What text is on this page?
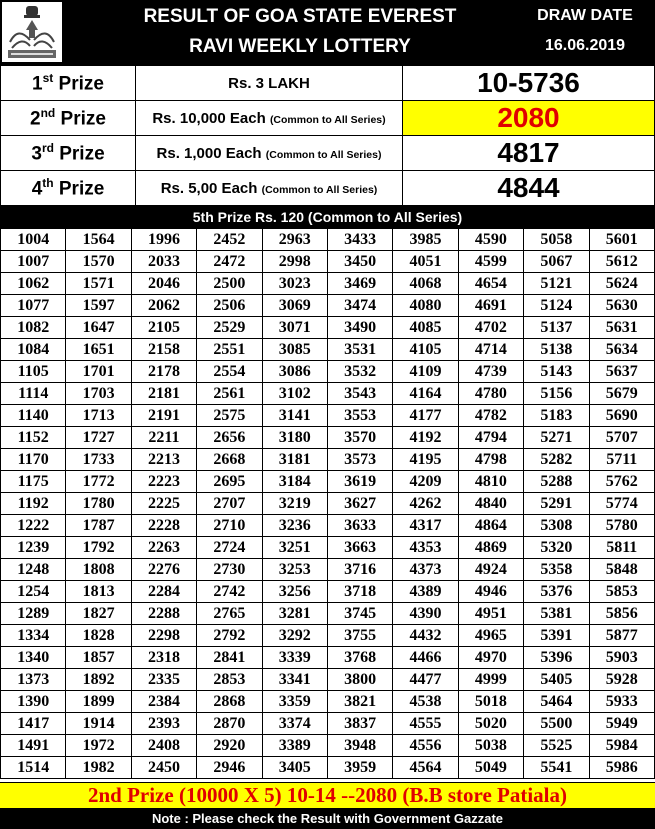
RESULT OF GOA STATE EVEREST
RAVI WEEKLY LOTTERY
DRAW DATE
16.06.2019
1st Prize	Rs. 3 LAKH	10-5736
2nd Prize	Rs. 10,000 Each (Common to All Series)	2080
3rd Prize	Rs. 1,000 Each (Common to All Series)	4817
4th Prize	Rs. 5,00 Each (Common to All Series)	4844
5th Prize Rs. 120 (Common to All Series)
1004	1564	1996	2452	2963	3433	3985	4590	5058	5601
1007	1570	2033	2472	2998	3450	4051	4599	5067	5612
1062	1571	2046	2500	3023	3469	4068	4654	5121	5624
1077	1597	2062	2506	3069	3474	4080	4691	5124	5630
1082	1647	2105	2529	3071	3490	4085	4702	5137	5631
1084	1651	2158	2551	3085	3531	4105	4714	5138	5634
1105	1701	2178	2554	3086	3532	4109	4739	5143	5637
1114	1703	2181	2561	3102	3543	4164	4780	5156	5679
1140	1713	2191	2575	3141	3553	4177	4782	5183	5690
1152	1727	2211	2656	3180	3570	4192	4794	5271	5707
1170	1733	2213	2668	3181	3573	4195	4798	5282	5711
1175	1772	2223	2695	3184	3619	4209	4810	5288	5762
1192	1780	2225	2707	3219	3627	4262	4840	5291	5774
1222	1787	2228	2710	3236	3633	4317	4864	5308	5780
1239	1792	2263	2724	3251	3663	4353	4869	5320	5811
1248	1808	2276	2730	3253	3716	4373	4924	5358	5848
1254	1813	2284	2742	3256	3718	4389	4946	5376	5853
1289	1827	2288	2765	3281	3745	4390	4951	5381	5856
1334	1828	2298	2792	3292	3755	4432	4965	5391	5877
1340	1857	2318	2841	3339	3768	4466	4970	5396	5903
1373	1892	2335	2853	3341	3800	4477	4999	5405	5928
1390	1899	2384	2868	3359	3821	4538	5018	5464	5933
1417	1914	2393	2870	3374	3837	4555	5020	5500	5949
1491	1972	2408	2920	3389	3948	4556	5038	5525	5984
1514	1982	2450	2946	3405	3959	4564	5049	5541	5986
2nd Prize (10000 X 5) 10-14 --2080 (B.B store Patiala)
Note : Please check the Result with Government Gazzate
